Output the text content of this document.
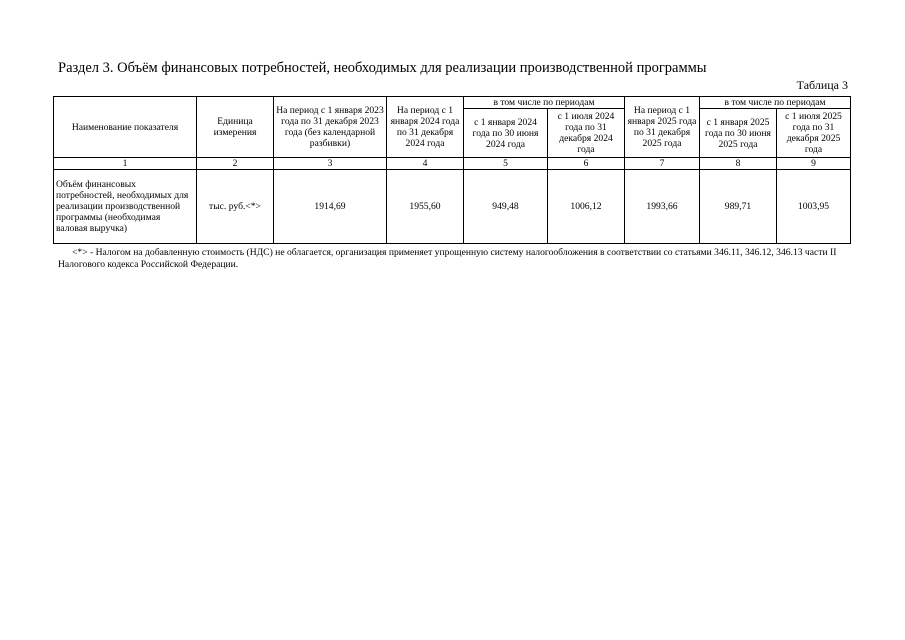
Раздел 3. Объём финансовых потребностей, необходимых для реализации производственной программы
Таблица 3
Наименование показателя	Единица измерения	На период с 1 января 2023 года по 31 декабря 2023 года (без календарной разбивки)	На период с 1 января 2024 года по 31 декабря 2024 года	в том числе по периодам		На период с 1 января 2025 года по 31 декабря 2025 года	в том числе по периодам	
				с 1 января 2024 года по 30 июня 2024 года	с 1 июля 2024 года по 31 декабря 2024 года		с 1 января 2025 года по 30 июня 2025 года	с 1 июля 2025 года по 31 декабря 2025 года
1	2	3	4	5	6	7	8	9
Объём финансовых потребностей, необходимых для реализации производственной программы (необходимая валовая выручка)	тыс. руб.<*>	1914,69	1955,60	949,48	1006,12	1993,66	989,71	1003,95
<*> - Налогом на добавленную стоимость (НДС) не облагается, организация применяет упрощенную систему налогообложения в соответствии со статьями 346.11, 346.12, 346.13 части II Налогового кодекса Российской Федерации.
